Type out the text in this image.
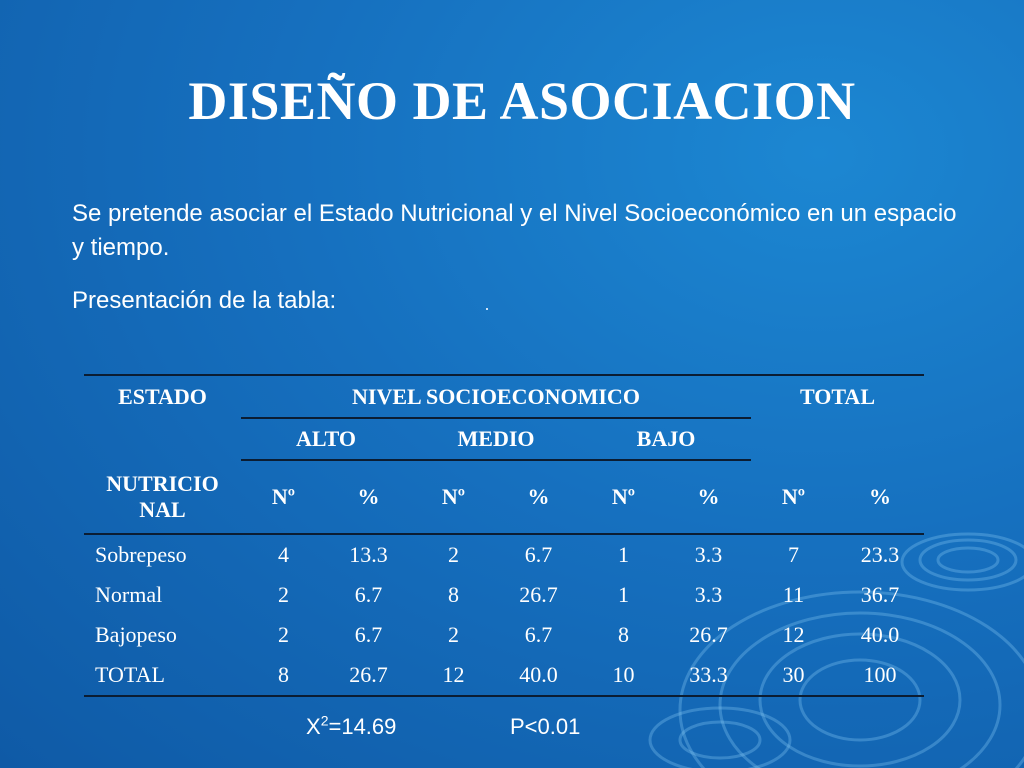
DISEÑO DE ASOCIACION

Se pretende asociar el Estado Nutricional y el Nivel Socioeconómico en un espacio y tiempo.

Presentación de la tabla:

ESTADO	NIVEL SOCIOECONOMICO						TOTAL	
	ALTO		MEDIO		BAJO			
NUTRICIO NAL	Nº	%	Nº	%	Nº	%	Nº	%
Sobrepeso	4	13.3	2	6.7	1	3.3	7	23.3
Normal	2	6.7	8	26.7	1	3.3	11	36.7
Bajopeso	2	6.7	2	6.7	8	26.7	12	40.0
TOTAL	8	26.7	12	40.0	10	33.3	30	100
$X^2=14.69$	P<0.01
